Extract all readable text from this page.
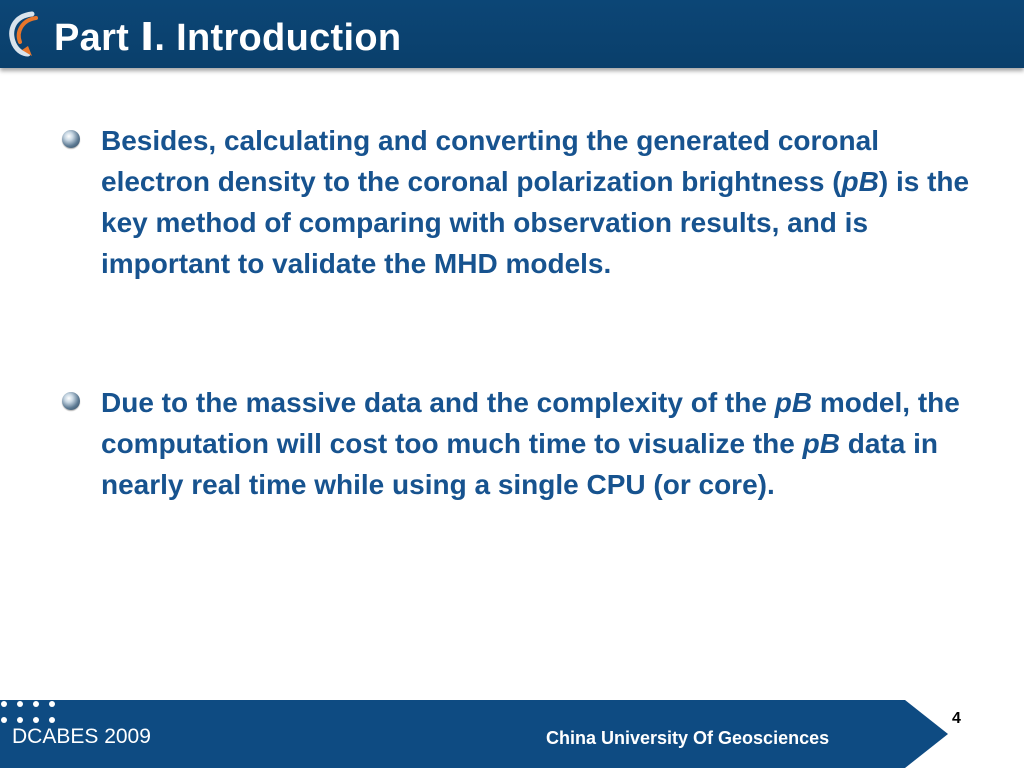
Part Ⅰ. Introduction

Besides, calculating and converting the generated coronal electron density to the coronal polarization brightness (pB) is the key method of comparing with observation results, and is important to validate the MHD models.

Due to the massive data and the complexity of the pB model, the computation will cost too much time to visualize the pB data in nearly real time while using a single CPU (or core).

DCABES 2009	China University Of Geosciences
4
